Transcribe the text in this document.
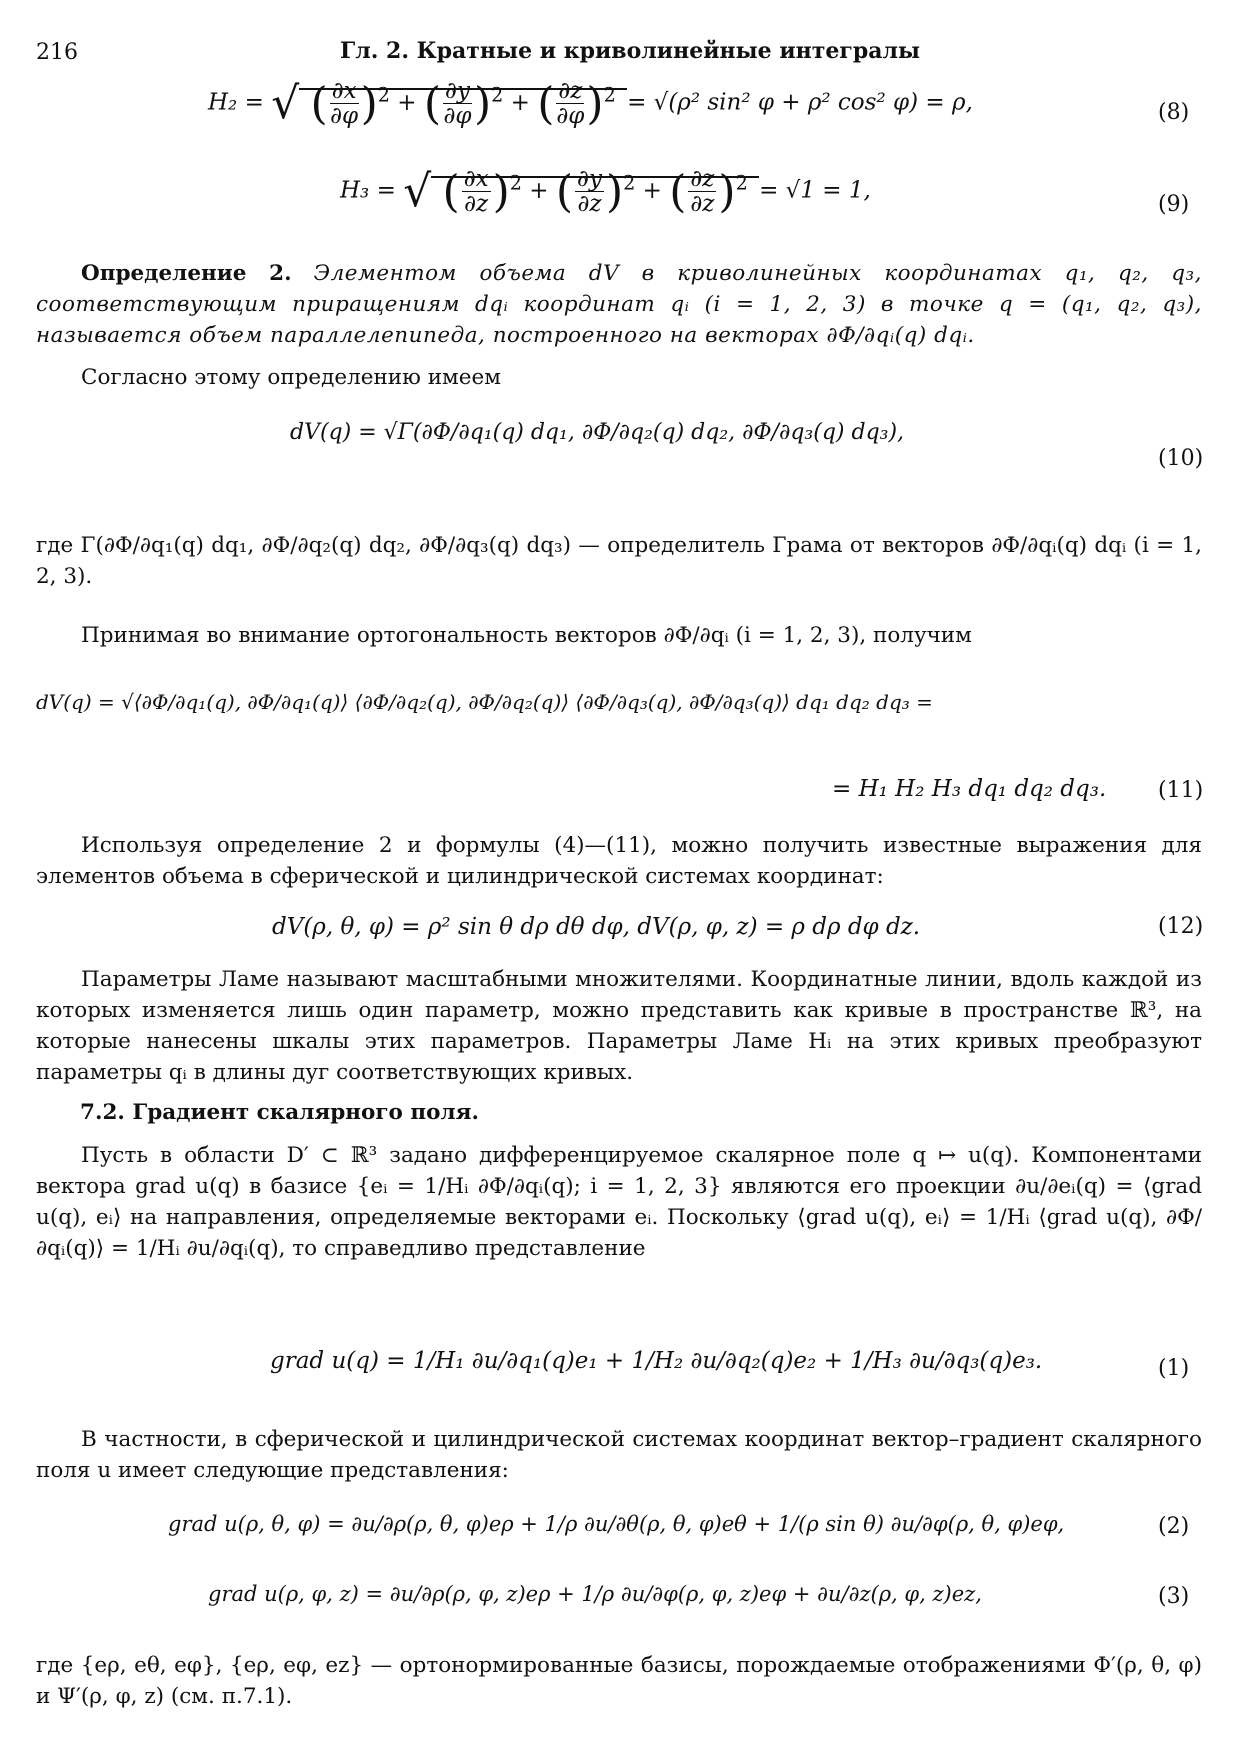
216	Гл. 2. Кратные и криволинейные интегралы
H₂ = √ ( $\frac{\partial x}{\partial\varphi} )^2$ + ( $\frac{\partial y}{\partial\varphi} )^2$ + ( $\frac{\partial z}{\partial\varphi} )^2 = √(\rho^2$ sin² φ + ρ² cos² φ) = ρ,	(8)
H₃ = √ ( $\frac{\partial x}{\partial z} )^2$ + ( $\frac{\partial y}{\partial z} )^2$ + ( $\frac{\partial z}{\partial z} )^2 = √1 = 1$,
(9)

Определение 2. Элементом объема dV в криволинейных координатах q₁, q₂, q₃, соответствующим приращениям dqᵢ координат qᵢ (i = 1, 2, 3) в точке q = (q₁, q₂, q₃), называется объем параллелепипеда, построенного на векторах ∂Φ/∂qᵢ(q) dqᵢ.

Согласно этому определению имеем

dV(q) = √Γ(∂Φ/∂q₁(q) dq₁, ∂Φ/∂q₂(q) dq₂, ∂Φ/∂q₃(q) dq₃),
(10)

где Γ(∂Φ/∂q₁(q) dq₁, ∂Φ/∂q₂(q) dq₂, ∂Φ/∂q₃(q) dq₃) — определитель Грама от векторов ∂Φ/∂qᵢ(q) dqᵢ (i = 1, 2, 3).

Принимая во внимание ортогональность векторов ∂Φ/∂qᵢ (i = 1, 2, 3), получим

dV(q) = √⟨∂Φ/∂q₁(q), ∂Φ/∂q₁(q)⟩ ⟨∂Φ/∂q₂(q), ∂Φ/∂q₂(q)⟩ ⟨∂Φ/∂q₃(q), ∂Φ/∂q₃(q)⟩ dq₁ dq₂ dq₃ =
= H₁ H₂ H₃ dq₁ dq₂ dq₃. (11)

Используя определение 2 и формулы (4)—(11), можно получить известные выражения для элементов объема в сферической и цилиндрической системах координат:

dV(ρ, θ, φ) = ρ² sin θ dρ dθ dφ, dV(ρ, φ, z) = ρ dρ dφ dz.	(12)

Параметры Ламе называют масштабными множителями. Координатные линии, вдоль каждой из которых изменяется лишь один параметр, можно представить как кривые в пространстве ℝ³, на которые нанесены шкалы этих параметров. Параметры Ламе Hᵢ на этих кривых преобразуют параметры qᵢ в длины дуг соответствующих кривых.

7.2. Градиент скалярного поля.

Пусть в области D′ ⊂ ℝ³ задано дифференцируемое скалярное поле q ↦ u(q). Компонентами вектора grad u(q) в базисе {eᵢ = 1/Hᵢ ∂Φ/∂qᵢ(q); i = 1, 2, 3} являются его проекции ∂u/∂eᵢ(q) = ⟨grad u(q), eᵢ⟩ на направления, определяемые векторами eᵢ. Поскольку ⟨grad u(q), eᵢ⟩ = 1/Hᵢ ⟨grad u(q), ∂Φ/∂qᵢ(q)⟩ = 1/Hᵢ ∂u/∂qᵢ(q), то справедливо представление

grad u(q) = 1/H₁ ∂u/∂q₁(q)e₁ + 1/H₂ ∂u/∂q₂(q)e₂ + 1/H₃ ∂u/∂q₃(q)e₃.	(1)

В частности, в сферической и цилиндрической системах координат вектор–градиент скалярного поля u имеет следующие представления:

grad u(ρ, θ, φ) = ∂u/∂ρ(ρ, θ, φ)eρ + 1/ρ ∂u/∂θ(ρ, θ, φ)eθ + 1/(ρ sin θ) ∂u/∂φ(ρ, θ, φ)eφ,	(2)
grad u(ρ, φ, z) = ∂u/∂ρ(ρ, φ, z)eρ + 1/ρ ∂u/∂φ(ρ, φ, z)eφ + ∂u/∂z(ρ, φ, z)ez,	(3)

где {eρ, eθ, eφ}, {eρ, eφ, ez} — ортонормированные базисы, порождаемые отображениями Φ′(ρ, θ, φ) и Ψ′(ρ, φ, z) (см. п.7.1).
